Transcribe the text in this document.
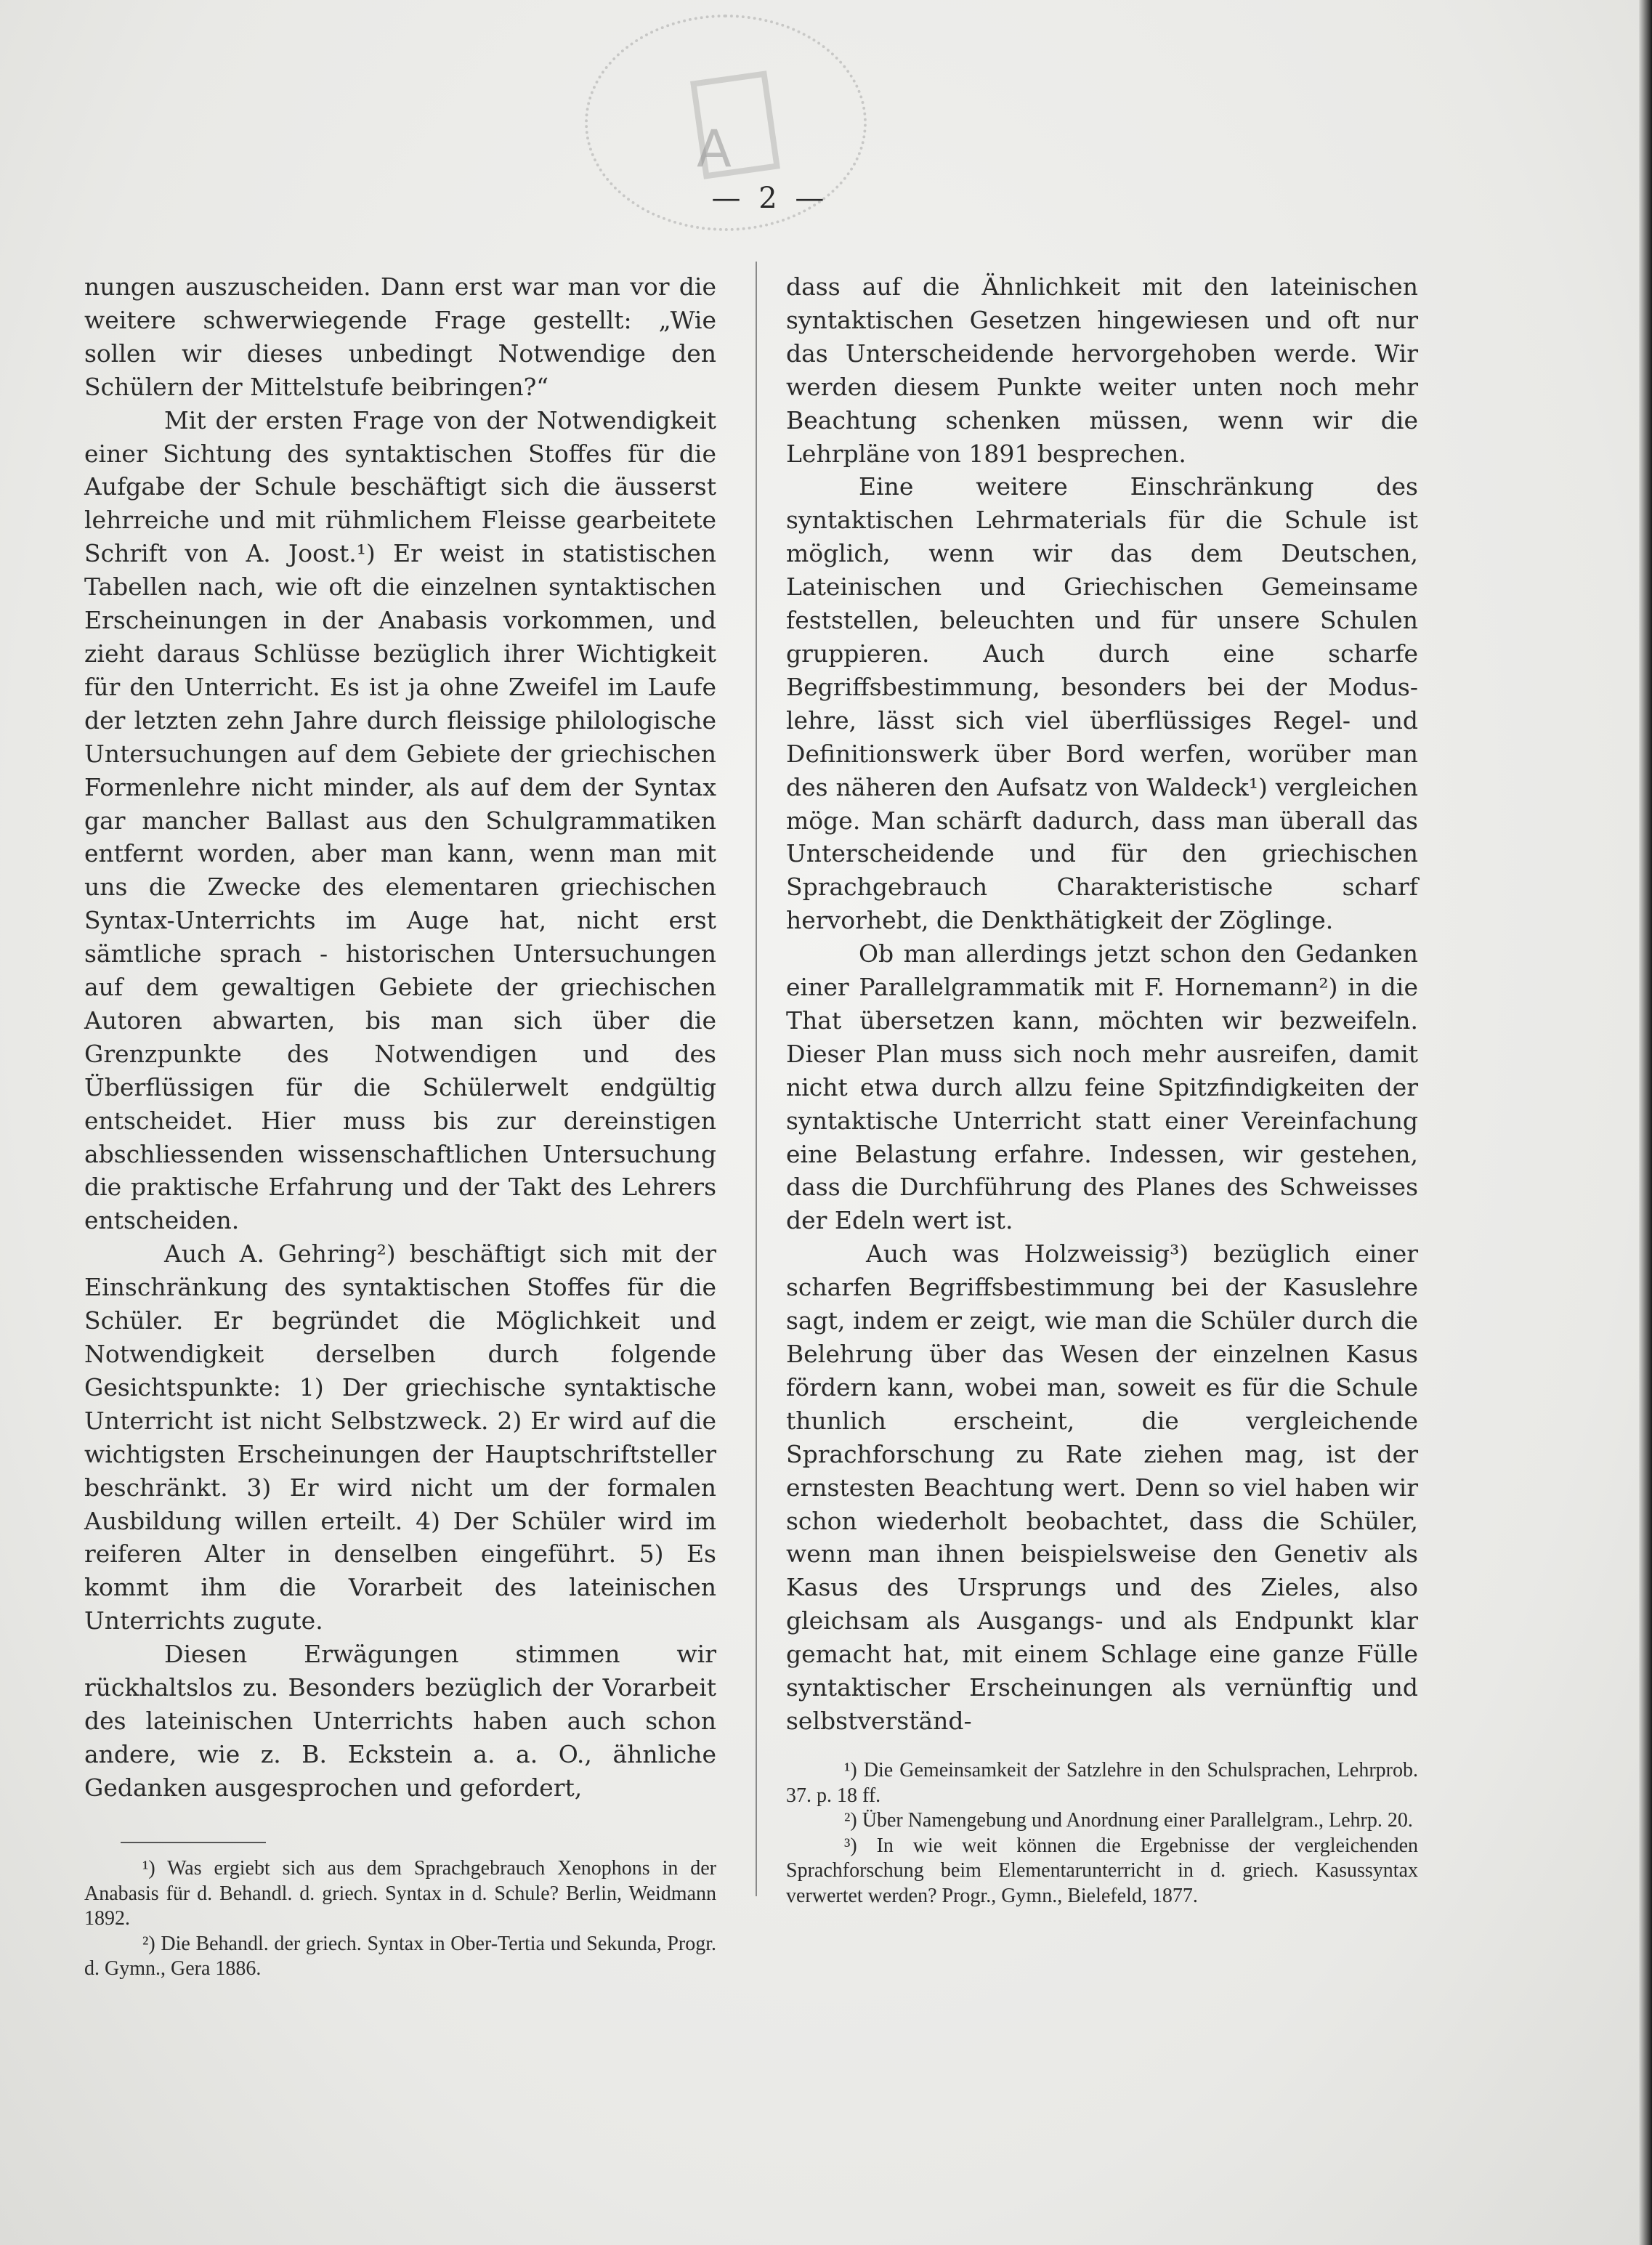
A
— 2 —

nungen auszuscheiden. Dann erst war man vor die weitere schwerwiegende Frage gestellt: „Wie sollen wir dieses unbedingt Notwendige den Schülern der Mittelstufe beibringen?“

Mit der ersten Frage von der Notwendigkeit einer Sichtung des syntaktischen Stoffes für die Aufgabe der Schule beschäftigt sich die äusserst lehrreiche und mit rühmlichem Fleisse gearbeitete Schrift von A. Joost.¹) Er weist in statistischen Tabellen nach, wie oft die einzelnen syntaktischen Erscheinungen in der Anabasis vorkommen, und zieht daraus Schlüsse bezüglich ihrer Wichtigkeit für den Unterricht. Es ist ja ohne Zweifel im Laufe der letzten zehn Jahre durch fleissige philologische Untersuchungen auf dem Gebiete der griechischen Formenlehre nicht minder, als auf dem der Syntax gar mancher Ballast aus den Schulgrammatiken entfernt worden, aber man kann, wenn man mit uns die Zwecke des elementaren griechischen Syntax-Unterrichts im Auge hat, nicht erst sämtliche sprach - historischen Untersuchungen auf dem gewaltigen Gebiete der griechischen Autoren abwarten, bis man sich über die Grenzpunkte des Notwendigen und des Überflüssigen für die Schülerwelt endgültig entscheidet. Hier muss bis zur dereinstigen abschliessenden wissenschaftlichen Untersuchung die praktische Erfahrung und der Takt des Lehrers entscheiden.

Auch A. Gehring²) beschäftigt sich mit der Einschränkung des syntaktischen Stoffes für die Schüler. Er begründet die Möglichkeit und Notwendigkeit derselben durch folgende Gesichtspunkte: 1) Der griechische syntaktische Unterricht ist nicht Selbstzweck. 2) Er wird auf die wichtigsten Erscheinungen der Hauptschriftsteller beschränkt. 3) Er wird nicht um der formalen Ausbildung willen erteilt. 4) Der Schüler wird im reiferen Alter in denselben eingeführt. 5) Es kommt ihm die Vorarbeit des lateinischen Unterrichts zugute.

Diesen Erwägungen stimmen wir rückhaltslos zu. Besonders bezüglich der Vorarbeit des lateinischen Unterrichts haben auch schon andere, wie z. B. Eckstein a. a. O., ähnliche Gedanken ausgesprochen und gefordert,

¹) Was ergiebt sich aus dem Sprachgebrauch Xenophons in der Anabasis für d. Behandl. d. griech. Syntax in d. Schule? Berlin, Weidmann 1892.

²) Die Behandl. der griech. Syntax in Ober-Tertia und Sekunda, Progr. d. Gymn., Gera 1886.

dass auf die Ähnlichkeit mit den lateinischen syntaktischen Gesetzen hingewiesen und oft nur das Unterscheidende hervorgehoben werde. Wir werden diesem Punkte weiter unten noch mehr Beachtung schenken müssen, wenn wir die Lehrpläne von 1891 besprechen.

Eine weitere Einschränkung des syntaktischen Lehrmaterials für die Schule ist möglich, wenn wir das dem Deutschen, Lateinischen und Griechischen Gemeinsame feststellen, beleuchten und für unsere Schulen gruppieren. Auch durch eine scharfe Begriffsbestimmung, besonders bei der Modus-lehre, lässt sich viel überflüssiges Regel- und Definitionswerk über Bord werfen, worüber man des näheren den Aufsatz von Waldeck¹) vergleichen möge. Man schärft dadurch, dass man überall das Unterscheidende und für den griechischen Sprachgebrauch Charakteristische scharf hervorhebt, die Denkthätigkeit der Zöglinge.

Ob man allerdings jetzt schon den Gedanken einer Parallelgrammatik mit F. Hornemann²) in die That übersetzen kann, möchten wir bezweifeln. Dieser Plan muss sich noch mehr ausreifen, damit nicht etwa durch allzu feine Spitzfindigkeiten der syntaktische Unterricht statt einer Vereinfachung eine Belastung erfahre. Indessen, wir gestehen, dass die Durchführung des Planes des Schweisses der Edeln wert ist.

Auch was Holzweissig³) bezüglich einer scharfen Begriffsbestimmung bei der Kasuslehre sagt, indem er zeigt, wie man die Schüler durch die Belehrung über das Wesen der einzelnen Kasus fördern kann, wobei man, soweit es für die Schule thunlich erscheint, die vergleichende Sprachforschung zu Rate ziehen mag, ist der ernstesten Beachtung wert. Denn so viel haben wir schon wiederholt beobachtet, dass die Schüler, wenn man ihnen beispielsweise den Genetiv als Kasus des Ursprungs und des Zieles, also gleichsam als Ausgangs- und als Endpunkt klar gemacht hat, mit einem Schlage eine ganze Fülle syntaktischer Erscheinungen als vernünftig und selbstverständ-

¹) Die Gemeinsamkeit der Satzlehre in den Schulsprachen, Lehrprob. 37. p. 18 ff.

²) Über Namengebung und Anordnung einer Parallelgram., Lehrp. 20.

³) In wie weit können die Ergebnisse der vergleichenden Sprachforschung beim Elementarunterricht in d. griech. Kasussyntax verwertet werden? Progr., Gymn., Bielefeld, 1877.
